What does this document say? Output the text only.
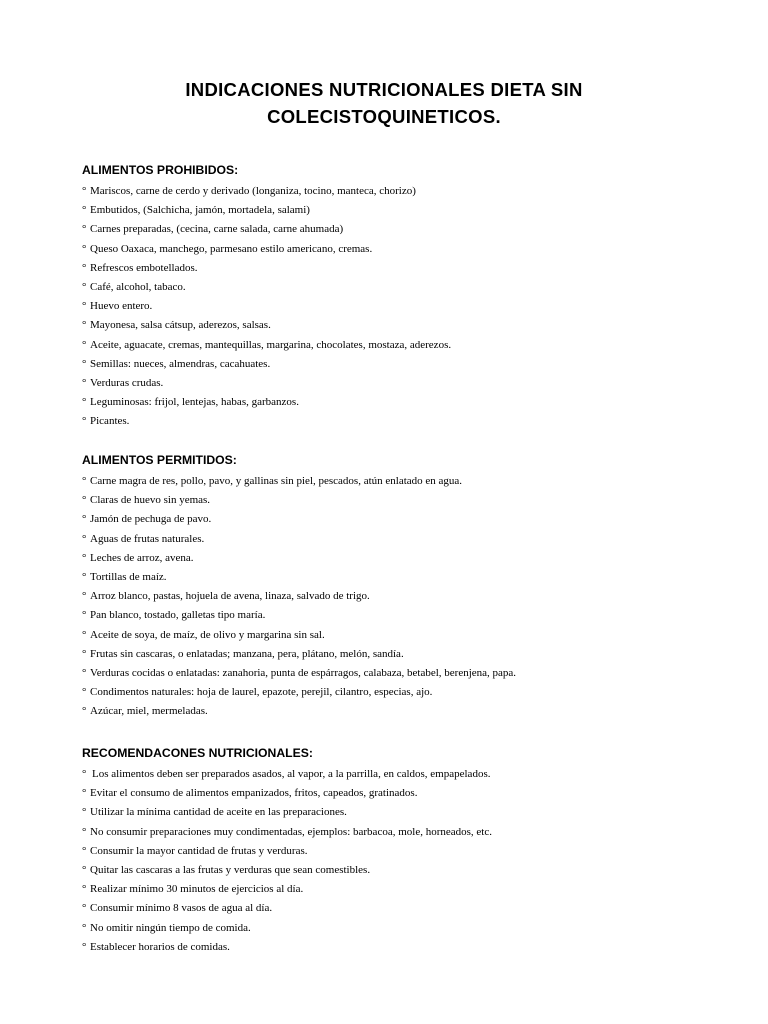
INDICACIONES NUTRICIONALES DIETA SIN
COLECISTOQUINETICOS.
ALIMENTOS PROHIBIDOS:
° Mariscos, carne de cerdo y derivado (longaniza, tocino, manteca, chorizo)
° Embutidos, (Salchicha, jamón, mortadela, salami)
° Carnes preparadas, (cecina, carne salada, carne ahumada)
° Queso Oaxaca, manchego, parmesano estilo americano, cremas.
° Refrescos embotellados.
° Café, alcohol, tabaco.
° Huevo entero.
° Mayonesa, salsa cátsup, aderezos, salsas.
° Aceite, aguacate, cremas, mantequillas, margarina, chocolates, mostaza, aderezos.
° Semillas: nueces, almendras, cacahuates.
° Verduras crudas.
° Leguminosas: frijol, lentejas, habas, garbanzos.
° Picantes.
ALIMENTOS PERMITIDOS:
° Carne magra de res, pollo, pavo, y gallinas sin piel, pescados, atún enlatado en agua.
° Claras de huevo sin yemas.
° Jamón de pechuga de pavo.
° Aguas de frutas naturales.
° Leches de arroz, avena.
° Tortillas de maíz.
° Arroz blanco, pastas, hojuela de avena, linaza, salvado de trigo.
° Pan blanco, tostado, galletas tipo maría.
° Aceite de soya, de maíz, de olivo y margarina sin sal.
° Frutas sin cascaras, o enlatadas; manzana, pera, plátano, melón, sandía.
° Verduras cocidas o enlatadas: zanahoria, punta de espárragos, calabaza, betabel, berenjena, papa.
° Condimentos naturales: hoja de laurel, epazote, perejil, cilantro, especias, ajo.
° Azúcar, miel, mermeladas.
RECOMENDACONES NUTRICIONALES:
° Los alimentos deben ser preparados asados, al vapor, a la parrilla, en caldos, empapelados.
° Evitar el consumo de alimentos empanizados, fritos, capeados, gratinados.
° Utilizar la mínima cantidad de aceite en las preparaciones.
° No consumir preparaciones muy condimentadas, ejemplos: barbacoa, mole, horneados, etc.
° Consumir la mayor cantidad de frutas y verduras.
° Quitar las cascaras a las frutas y verduras que sean comestibles.
° Realizar mínimo 30 minutos de ejercicios al día.
° Consumir mínimo 8 vasos de agua al día.
° No omitir ningún tiempo de comida.
° Establecer horarios de comidas.
